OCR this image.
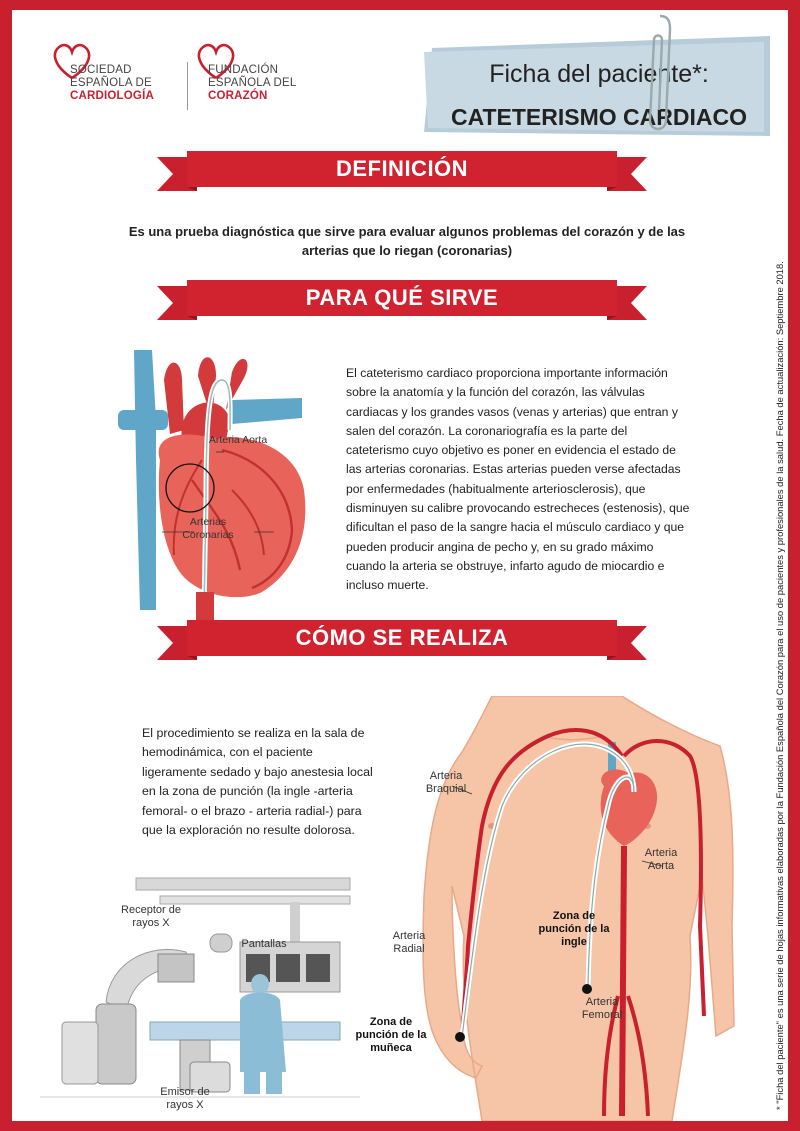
SOCIEDAD
ESPAÑOLA DE
CARDIOLOGÍA
FUNDACIÓN
ESPAÑOLA DEL
CORAZÓN
Ficha del paciente*:
CATETERISMO CARDIACO
DEFINICIÓN
Es una prueba diagnóstica que sirve para evaluar algunos problemas del corazón y de las arterias que lo riegan (coronarias)
PARA QUÉ SIRVE
Arteria Aorta
Arterias Coronarias
El cateterismo cardiaco proporciona importante información sobre la anatomía y la función del corazón, las válvulas cardiacas y los grandes vasos (venas y arterias) que entran y salen del corazón. La coronariografía es la parte del cateterismo cuyo objetivo es poner en evidencia el estado de las arterias coronarias. Estas arterias pueden verse afectadas por enfermedades (habitualmente arteriosclerosis), que disminuyen su calibre provocando estrecheces (estenosis), que dificultan el paso de la sangre hacia el músculo cardiaco y que pueden producir angina de pecho y, en su grado máximo cuando la arteria se obstruye, infarto agudo de miocardio e incluso muerte.
CÓMO SE REALIZA
El procedimiento se realiza en la sala de hemodinámica, con el paciente ligeramente sedado y bajo anestesia local en la zona de punción (la ingle -arteria femoral- o el brazo - arteria radial-) para que la exploración no resulte dolorosa.
Receptor de rayos X
Pantallas
Emisor de rayos X
Arteria Braquial
Arteria Aorta
Zona de punción de la ingle
Arteria Radial
Arteria Femoral
Zona de punción de la muñeca	* "Ficha del paciente" es una serie de hojas informativas elaboradas por la Fundación Española del Corazón para el uso de pacientes y profesionales de la salud. Fecha de actualización: Septiembre 2018.
